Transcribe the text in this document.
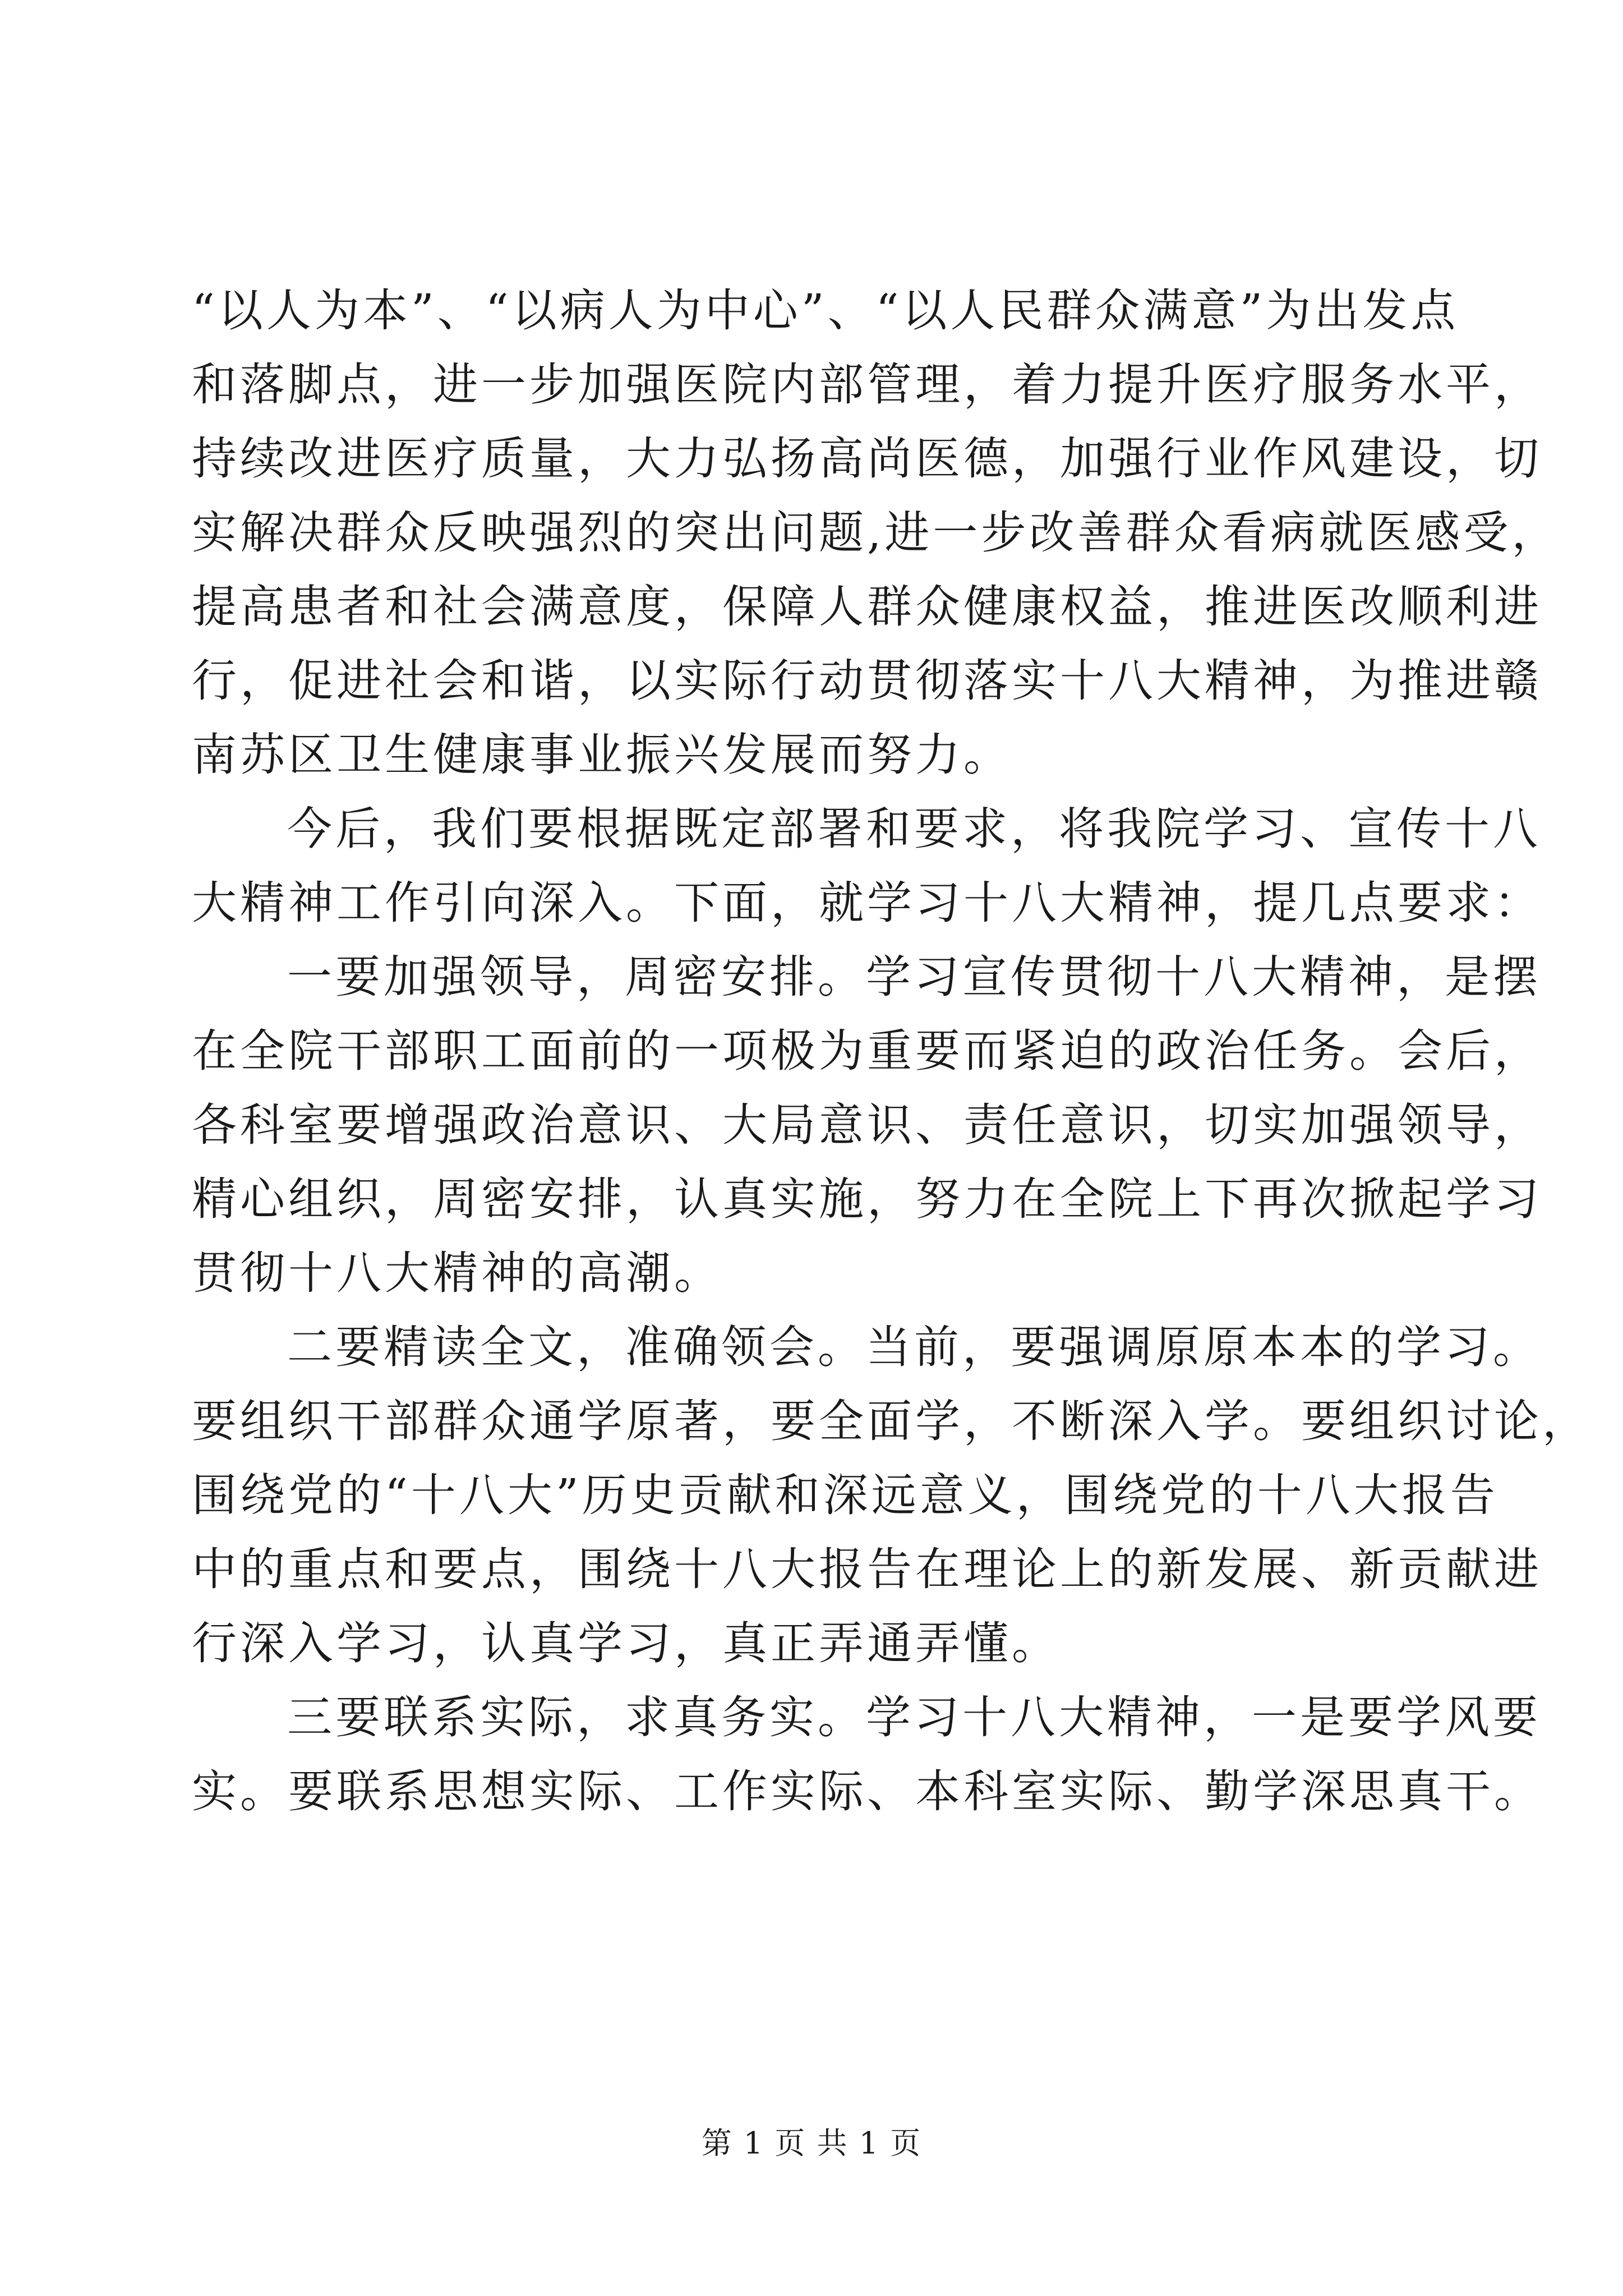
“以人为本”、“以病人为中心”、“以人民群众满意”为出发点
和落脚点，进一步加强医院内部管理，着力提升医疗服务水平，
持续改进医疗质量，大力弘扬高尚医德，加强行业作风建设，切
实解决群众反映强烈的突出问题,进一步改善群众看病就医感受，
提高患者和社会满意度，保障人群众健康权益，推进医改顺利进
行，促进社会和谐，以实际行动贯彻落实十八大精神，为推进赣
南苏区卫生健康事业振兴发展而努力。
今后，我们要根据既定部署和要求，将我院学习、宣传十八
大精神工作引向深入。下面，就学习十八大精神，提几点要求：
一要加强领导，周密安排。学习宣传贯彻十八大精神，是摆
在全院干部职工面前的一项极为重要而紧迫的政治任务。会后，
各科室要增强政治意识、大局意识、责任意识，切实加强领导，
精心组织，周密安排，认真实施，努力在全院上下再次掀起学习
贯彻十八大精神的高潮。
二要精读全文，准确领会。当前，要强调原原本本的学习。
要组织干部群众通学原著，要全面学，不断深入学。要组织讨论，
围绕党的“十八大”历史贡献和深远意义，围绕党的十八大报告
中的重点和要点，围绕十八大报告在理论上的新发展、新贡献进
行深入学习，认真学习，真正弄通弄懂。
三要联系实际，求真务实。学习十八大精神，一是要学风要
实。要联系思想实际、工作实际、本科室实际、勤学深思真干。
第 1 页 共 1 页
